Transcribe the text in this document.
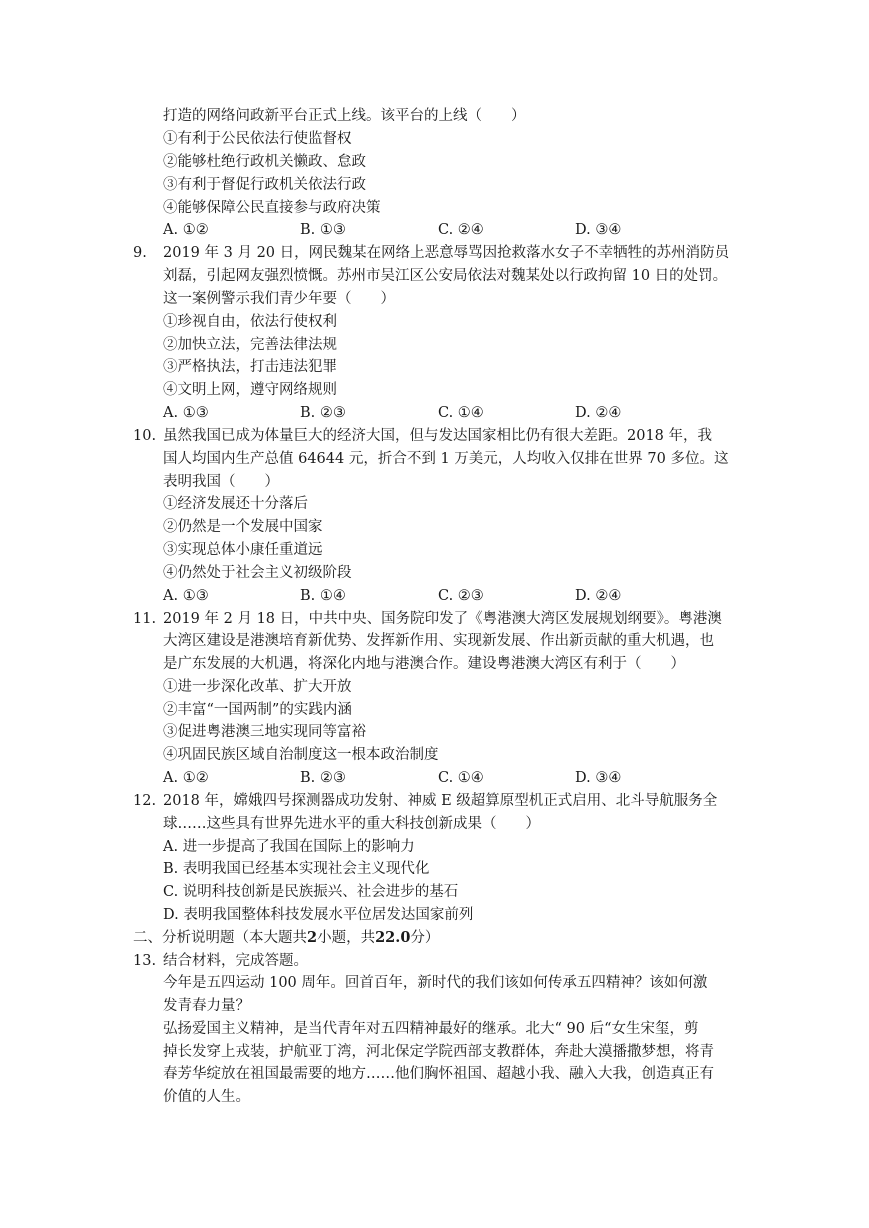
打造的网络问政新平台正式上线。该平台的上线（　　）
①有利于公民依法行使监督权
②能够杜绝行政机关懒政、怠政
③有利于督促行政机关依法行政
④能够保障公民直接参与政府决策
A. ①②	B. ①③	C. ②④	D. ③④
9. 2019 年 3 月 20 日，网民魏某在网络上恶意辱骂因抢救落水女子不幸牺牲的苏州消防员
刘磊，引起网友强烈愤慨。苏州市吴江区公安局依法对魏某处以行政拘留 10 日的处罚。
这一案例警示我们青少年要（　　）
①珍视自由，依法行使权利
②加快立法，完善法律法规
③严格执法，打击违法犯罪
④文明上网，遵守网络规则
A. ①③	B. ②③	C. ①④	D. ②④
10. 虽然我国已成为体量巨大的经济大国，但与发达国家相比仍有很大差距。2018 年，我
国人均国内生产总值 64644 元，折合不到 1 万美元，人均收入仅排在世界 70 多位。这
表明我国（　　）
①经济发展还十分落后
②仍然是一个发展中国家
③实现总体小康任重道远
④仍然处于社会主义初级阶段
A. ①③	B. ①④	C. ②③	D. ②④
11. 2019 年 2 月 18 日，中共中央、国务院印发了《粤港澳大湾区发展规划纲要》。粤港澳
大湾区建设是港澳培育新优势、发挥新作用、实现新发展、作出新贡献的重大机遇，也
是广东发展的大机遇，将深化内地与港澳合作。建设粤港澳大湾区有利于（　　）
①进一步深化改革、扩大开放
②丰富“一国两制”的实践内涵
③促进粤港澳三地实现同等富裕
④巩固民族区域自治制度这一根本政治制度
A. ①②	B. ②③	C. ①④	D. ③④
12. 2018 年，嫦娥四号探测器成功发射、神威 E 级超算原型机正式启用、北斗导航服务全
球……这些具有世界先进水平的重大科技创新成果（　　）
A. 进一步提高了我国在国际上的影响力
B. 表明我国已经基本实现社会主义现代化
C. 说明科技创新是民族振兴、社会进步的基石
D. 表明我国整体科技发展水平位居发达国家前列
二、分析说明题（本大题共2小题，共22.0分）
13. 结合材料，完成答题。
今年是五四运动 100 周年。回首百年，新时代的我们该如何传承五四精神？该如何激
发青春力量？
弘扬爱国主义精神，是当代青年对五四精神最好的继承。北大“ 90 后“女生宋玺，剪
掉长发穿上戎装，护航亚丁湾，河北保定学院西部支教群体，奔赴大漠播撒梦想，将青
春芳华绽放在祖国最需要的地方……他们胸怀祖国、超越小我、融入大我，创造真正有
价值的人生。
